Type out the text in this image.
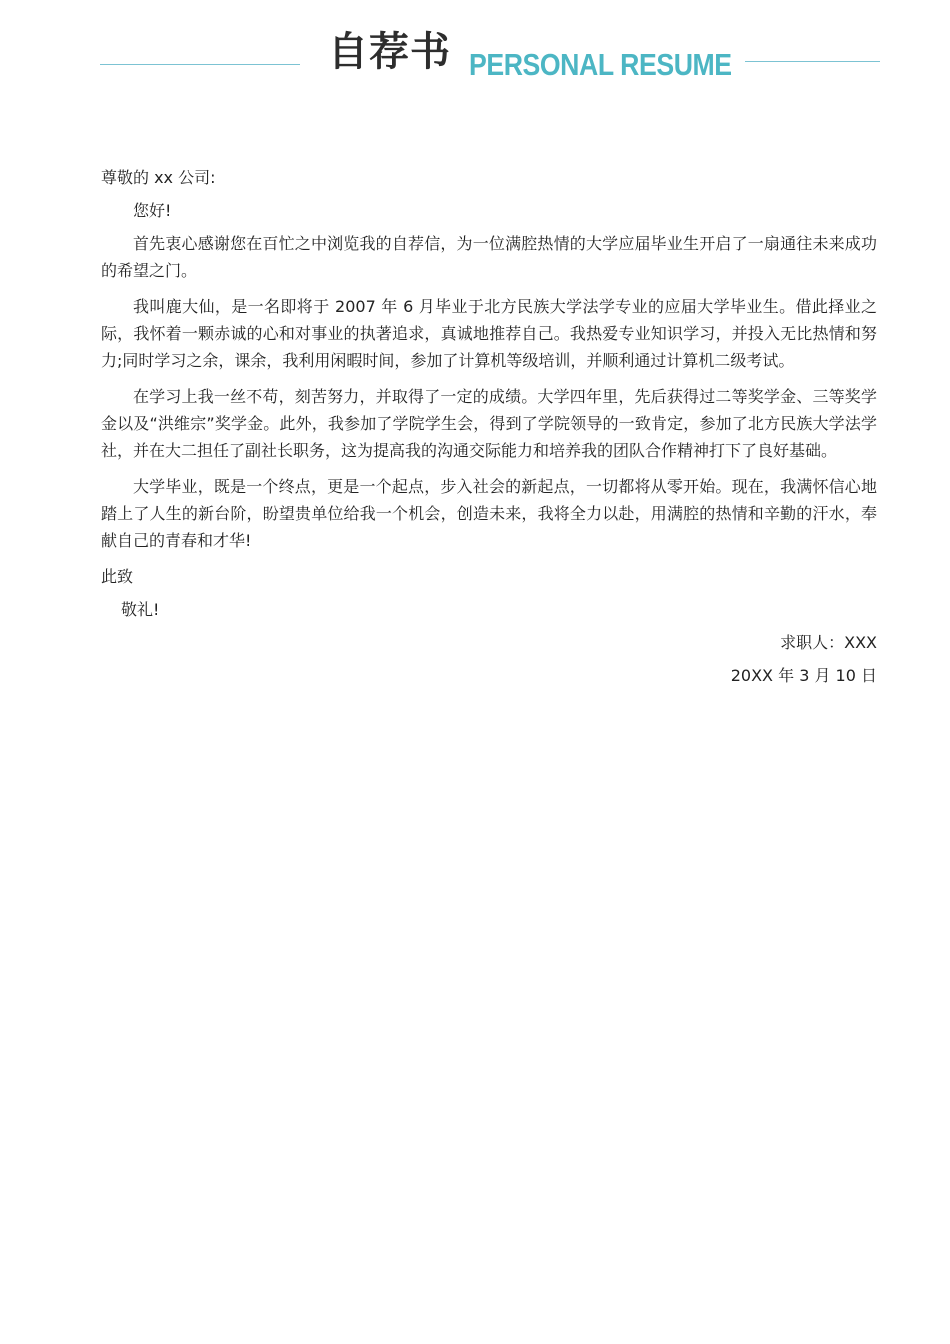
自荐书 PERSONAL RESUME

尊敬的 xx 公司:

您好!

首先衷心感谢您在百忙之中浏览我的自荐信，为一位满腔热情的大学应届毕业生开启了一扇通往未来成功的希望之门。

我叫鹿大仙，是一名即将于 2007 年 6 月毕业于北方民族大学法学专业的应届大学毕业生。借此择业之际，我怀着一颗赤诚的心和对事业的执著追求，真诚地推荐自己。我热爱专业知识学习，并投入无比热情和努力;同时学习之余，课余，我利用闲暇时间，参加了计算机等级培训，并顺利通过计算机二级考试。

在学习上我一丝不苟，刻苦努力，并取得了一定的成绩。大学四年里，先后获得过二等奖学金、三等奖学金以及“洪维宗”奖学金。此外，我参加了学院学生会，得到了学院领导的一致肯定，参加了北方民族大学法学社，并在大二担任了副社长职务，这为提高我的沟通交际能力和培养我的团队合作精神打下了良好基础。

大学毕业，既是一个终点，更是一个起点，步入社会的新起点，一切都将从零开始。现在，我满怀信心地踏上了人生的新台阶，盼望贵单位给我一个机会，创造未来，我将全力以赴，用满腔的热情和辛勤的汗水，奉献自己的青春和才华!

此致

敬礼!

求职人：XXX

20XX 年 3 月 10 日
